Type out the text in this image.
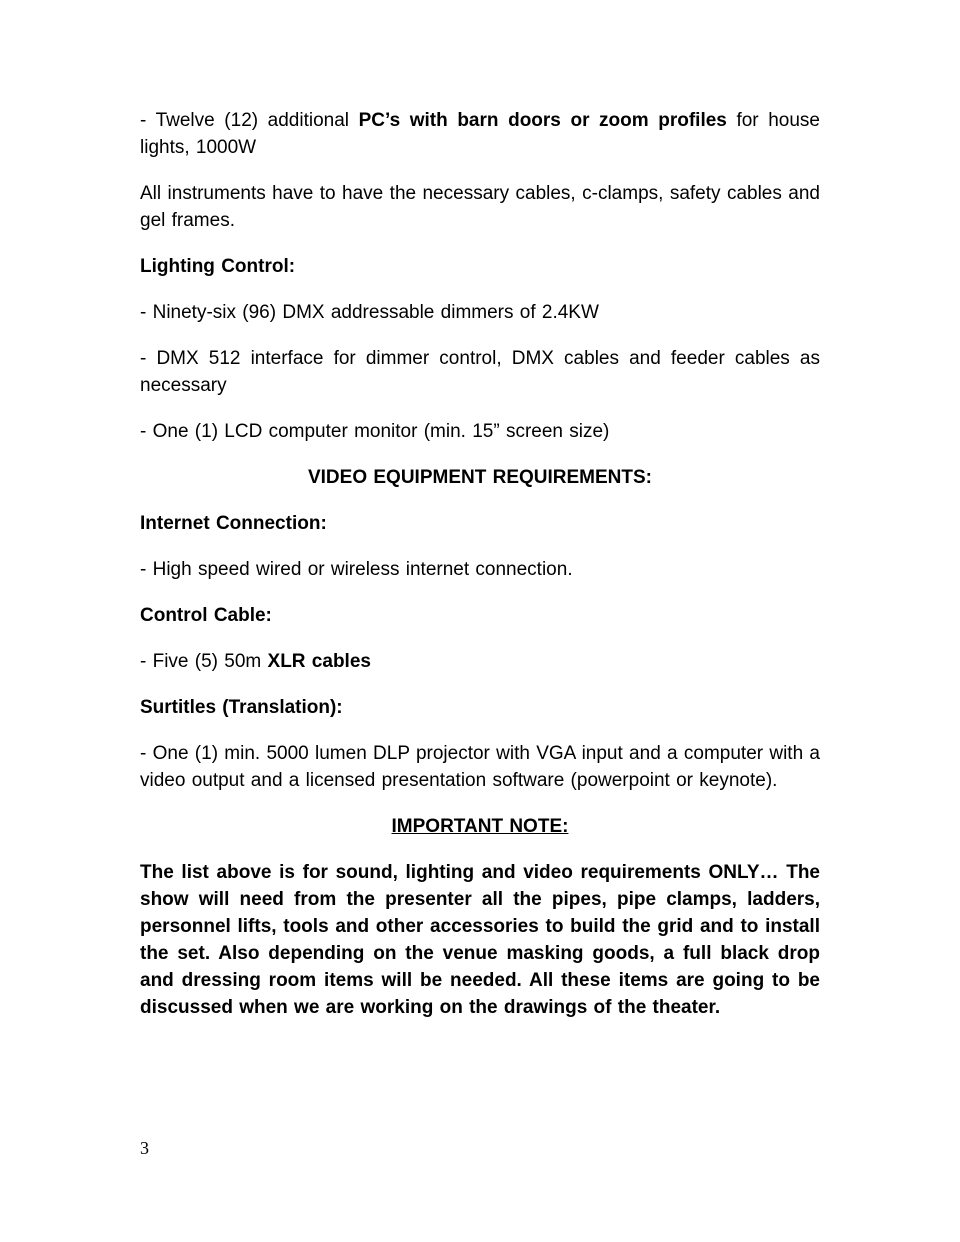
- Twelve (12) additional PC’s with barn doors or zoom profiles for house lights, 1000W
All instruments have to have the necessary cables, c-clamps, safety cables and gel frames.
Lighting Control:
- Ninety-six (96) DMX addressable dimmers of 2.4KW
- DMX 512 interface for dimmer control, DMX cables and feeder cables as necessary
- One (1) LCD computer monitor (min. 15” screen size)
VIDEO EQUIPMENT REQUIREMENTS:
Internet Connection:
- High speed wired or wireless internet connection.
Control Cable:
- Five (5) 50m XLR cables
Surtitles (Translation):
- One (1) min. 5000 lumen DLP projector with VGA input and a computer with a video output and a licensed presentation software (powerpoint or keynote).
IMPORTANT NOTE:
The list above is for sound, lighting and video requirements ONLY… The show will need from the presenter all the pipes, pipe clamps, ladders, personnel lifts, tools and other accessories to build the grid and to install the set. Also depending on the venue masking goods, a full black drop and dressing room items will be needed. All these items are going to be discussed when we are working on the drawings of the theater.
3
